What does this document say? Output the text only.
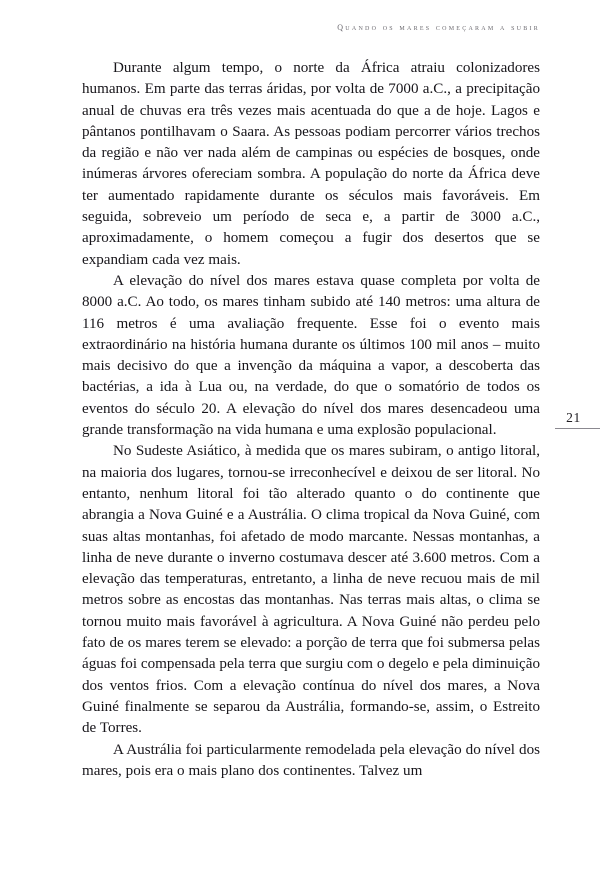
quando os mares começaram a subir

Durante algum tempo, o norte da África atraiu colonizadores humanos. Em parte das terras áridas, por volta de 7000 a.C., a precipitação anual de chuvas era três vezes mais acentuada do que a de hoje. Lagos e pântanos pontilhavam o Saara. As pessoas podiam percorrer vários trechos da região e não ver nada além de campinas ou espécies de bosques, onde inúmeras árvores ofereciam sombra. A população do norte da África deve ter aumentado rapidamente durante os séculos mais favoráveis. Em seguida, sobreveio um período de seca e, a partir de 3000 a.C., aproximadamente, o homem começou a fugir dos desertos que se expandiam cada vez mais.

A elevação do nível dos mares estava quase completa por volta de 8000 a.C. Ao todo, os mares tinham subido até 140 metros: uma altura de 116 metros é uma avaliação frequente. Esse foi o evento mais extraordinário na história humana durante os últimos 100 mil anos – muito mais decisivo do que a invenção da máquina a vapor, a descoberta das bactérias, a ida à Lua ou, na verdade, do que o somatório de todos os eventos do século 20. A elevação do nível dos mares desencadeou uma grande transformação na vida humana e uma explosão populacional.

No Sudeste Asiático, à medida que os mares subiram, o antigo litoral, na maioria dos lugares, tornou-se irreconhecível e deixou de ser litoral. No entanto, nenhum litoral foi tão alterado quanto o do continente que abrangia a Nova Guiné e a Austrália. O clima tropical da Nova Guiné, com suas altas montanhas, foi afetado de modo marcante. Nessas montanhas, a linha de neve durante o inverno costumava descer até 3.600 metros. Com a elevação das temperaturas, entretanto, a linha de neve recuou mais de mil metros sobre as encostas das montanhas. Nas terras mais altas, o clima se tornou muito mais favorável à agricultura. A Nova Guiné não perdeu pelo fato de os mares terem se elevado: a porção de terra que foi submersa pelas águas foi compensada pela terra que surgiu com o degelo e pela diminuição dos ventos frios. Com a elevação contínua do nível dos mares, a Nova Guiné finalmente se separou da Austrália, formando-se, assim, o Estreito de Torres.

A Austrália foi particularmente remodelada pela elevação do nível dos mares, pois era o mais plano dos continentes. Talvez um

21
